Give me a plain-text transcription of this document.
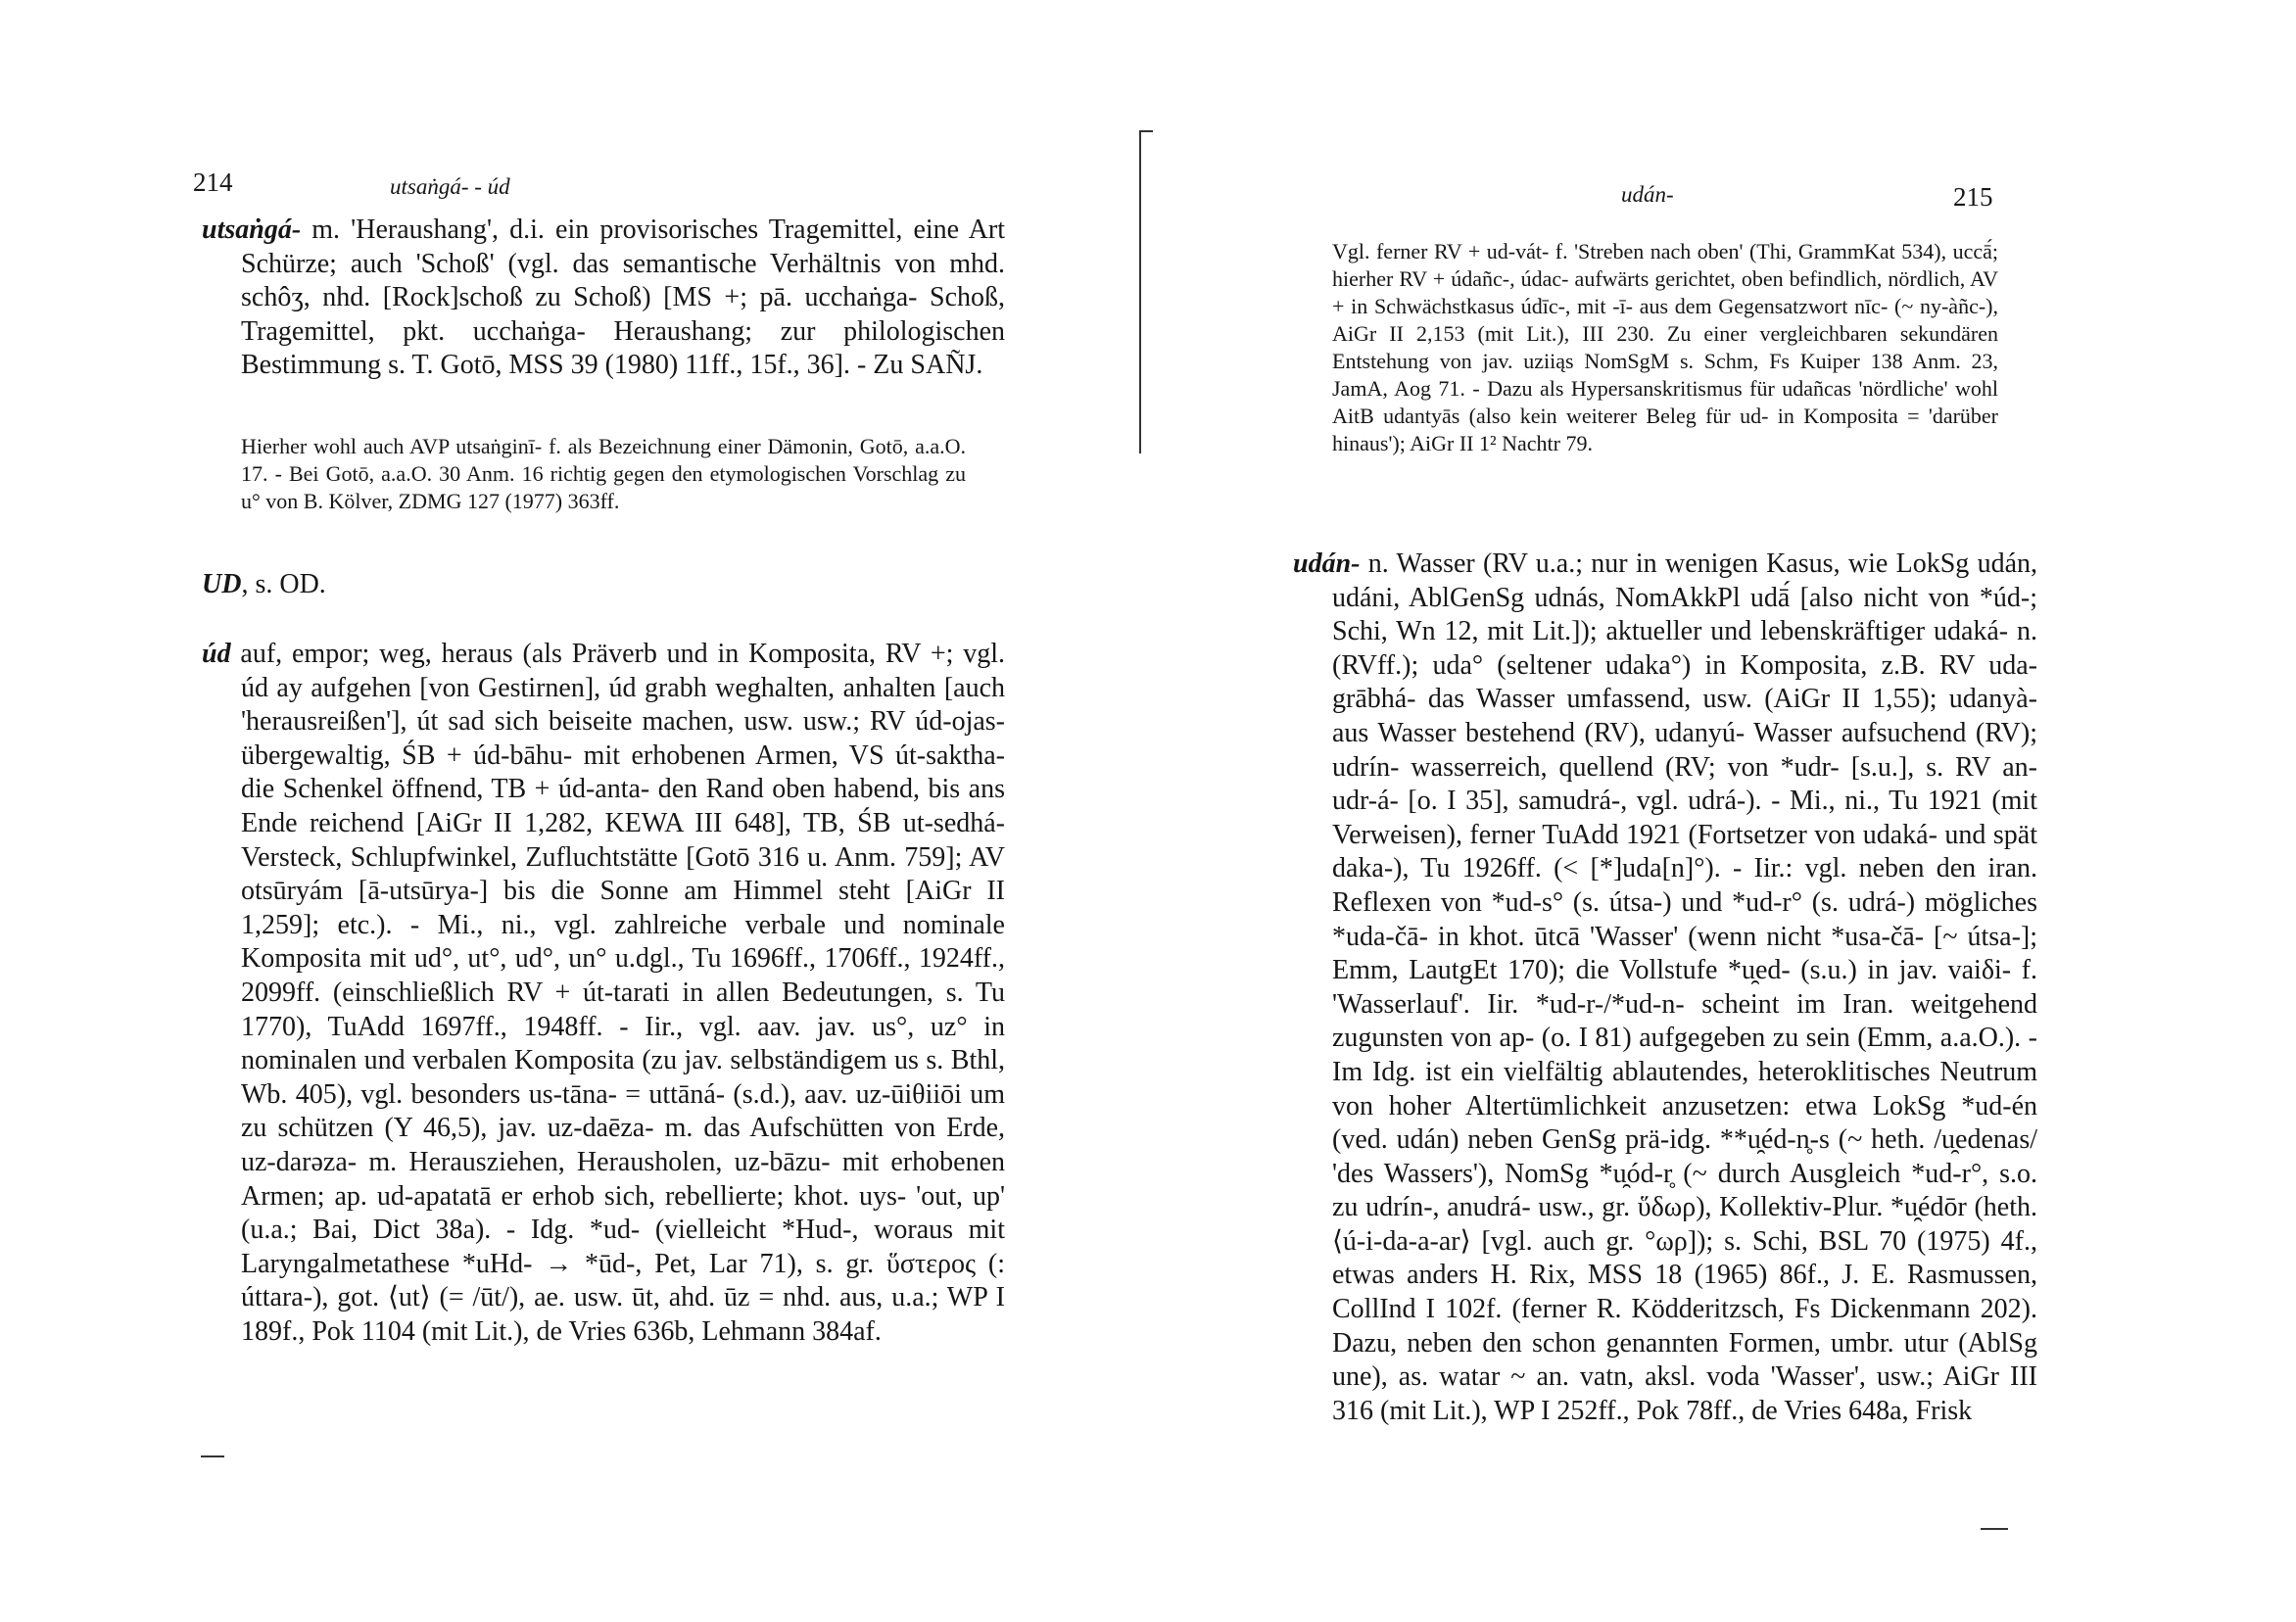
214	utsaṅgá- - úd
utsaṅgá- m. 'Heraushang', d.i. ein provisorisches Tragemittel, eine Art Schürze; auch 'Schoß' (vgl. das semantische Verhältnis von mhd. schôʒ, nhd. [Rock]schoß zu Schoß) [MS +; pā. ucchaṅga- Schoß, Tragemittel, pkt. ucchaṅga- Heraushang; zur philologischen Bestimmung s. T. Gotō, MSS 39 (1980) 11ff., 15f., 36]. - Zu SAÑJ.
Hierher wohl auch AVP utsaṅginī- f. als Bezeichnung einer Dämonin, Gotō, a.a.O. 17. - Bei Gotō, a.a.O. 30 Anm. 16 richtig gegen den etymologischen Vorschlag zu u° von B. Kölver, ZDMG 127 (1977) 363ff.
UD, s. OD.
úd auf, empor; weg, heraus (als Präverb und in Komposita, RV +; vgl. úd ay aufgehen [von Gestirnen], úd grabh weghalten, anhalten [auch 'herausreißen'], út sad sich beiseite machen, usw. usw.; RV úd-ojas- übergewaltig, ŚB + úd-bāhu- mit erhobenen Armen, VS út-saktha- die Schenkel öffnend, TB + úd-anta- den Rand oben habend, bis ans Ende reichend [AiGr II 1,282, KEWA III 648], TB, ŚB ut-sedhá- Versteck, Schlupfwinkel, Zufluchtstätte [Gotō 316 u. Anm. 759]; AV otsūryám [ā-utsūrya-] bis die Sonne am Himmel steht [AiGr II 1,259]; etc.). - Mi., ni., vgl. zahlreiche verbale und nominale Komposita mit ud°, ut°, ud°, un° u.dgl., Tu 1696ff., 1706ff., 1924ff., 2099ff. (einschließlich RV + út-tarati in allen Bedeutungen, s. Tu 1770), TuAdd 1697ff., 1948ff. - Iir., vgl. aav. jav. us°, uz° in nominalen und verbalen Komposita (zu jav. selbständigem us s. Bthl, Wb. 405), vgl. besonders us-tāna- = uttāná- (s.d.), aav. uz-ūiθiiōi um zu schützen (Y 46,5), jav. uz-daēza- m. das Aufschütten von Erde, uz-darəza- m. Herausziehen, Herausholen, uz-bāzu- mit erhobenen Armen; ap. ud-apatatā er erhob sich, rebellierte; khot. uys- 'out, up' (u.a.; Bai, Dict 38a). - Idg. *ud- (vielleicht *Hud-, woraus mit Laryngalmetathese *uHd- → *ūd-, Pet, Lar 71), s. gr. ὕστερος (: úttara-), got. ⟨ut⟩ (= /ūt/), ae. usw. ūt, ahd. ūz = nhd. aus, u.a.; WP I 189f., Pok 1104 (mit Lit.), de Vries 636b, Lehmann 384af.
udán-	215
Vgl. ferner RV + ud-vát- f. 'Streben nach oben' (Thi, GrammKat 534), uccā́; hierher RV + údañc-, údac- aufwärts gerichtet, oben befindlich, nördlich, AV + in Schwächstkasus údīc-, mit -ī- aus dem Gegensatzwort nīc- (~ ny-àñc-), AiGr II 2,153 (mit Lit.), III 230. Zu einer vergleichbaren sekundären Entstehung von jav. uziiąs NomSgM s. Schm, Fs Kuiper 138 Anm. 23, JamA, Aog 71. - Dazu als Hypersanskritismus für udañcas 'nördliche' wohl AitB udantyās (also kein weiterer Beleg für ud- in Komposita = 'darüber hinaus'); AiGr II 1² Nachtr 79.
udán- n. Wasser (RV u.a.; nur in wenigen Kasus, wie LokSg udán, udáni, AblGenSg udnás, NomAkkPl udā́ [also nicht von *úd-; Schi, Wn 12, mit Lit.]); aktueller und lebenskräftiger udaká- n. (RVff.); uda° (seltener udaka°) in Komposita, z.B. RV uda-grābhá- das Wasser umfassend, usw. (AiGr II 1,55); udanyà- aus Wasser bestehend (RV), udanyú- Wasser aufsuchend (RV); udrín- wasserreich, quellend (RV; von *udr- [s.u.], s. RV an-udr-á- [o. I 35], samudrá-, vgl. udrá-). - Mi., ni., Tu 1921 (mit Verweisen), ferner TuAdd 1921 (Fortsetzer von udaká- und spät daka-), Tu 1926ff. (< [*]uda[n]°). - Iir.: vgl. neben den iran. Reflexen von *ud-s° (s. útsa-) und *ud-r° (s. udrá-) mögliches *uda-čā- in khot. ūtcā 'Wasser' (wenn nicht *usa-čā- [~ útsa-]; Emm, LautgEt 170); die Vollstufe *u̯ed- (s.u.) in jav. vaiδi- f. 'Wasserlauf'. Iir. *ud-r-/*ud-n- scheint im Iran. weitgehend zugunsten von ap- (o. I 81) aufgegeben zu sein (Emm, a.a.O.). - Im Idg. ist ein vielfältig ablautendes, heteroklitisches Neutrum von hoher Altertümlichkeit anzusetzen: etwa LokSg *ud-én (ved. udán) neben GenSg prä-idg. **u̯éd-n̥-s (~ heth. /u̯edenas/ 'des Wassers'), NomSg *u̯ód-r̥ (~ durch Ausgleich *ud-r°, s.o. zu udrín-, anudrá- usw., gr. ὕδωρ), Kollektiv-Plur. *u̯édōr (heth. ⟨ú-i-da-a-ar⟩ [vgl. auch gr. °ωρ]); s. Schi, BSL 70 (1975) 4f., etwas anders H. Rix, MSS 18 (1965) 86f., J. E. Rasmussen, CollInd I 102f. (ferner R. Ködderitzsch, Fs Dickenmann 202). Dazu, neben den schon genannten Formen, umbr. utur (AblSg une), as. watar ~ an. vatn, aksl. voda 'Wasser', usw.; AiGr III 316 (mit Lit.), WP I 252ff., Pok 78ff., de Vries 648a, Frisk
